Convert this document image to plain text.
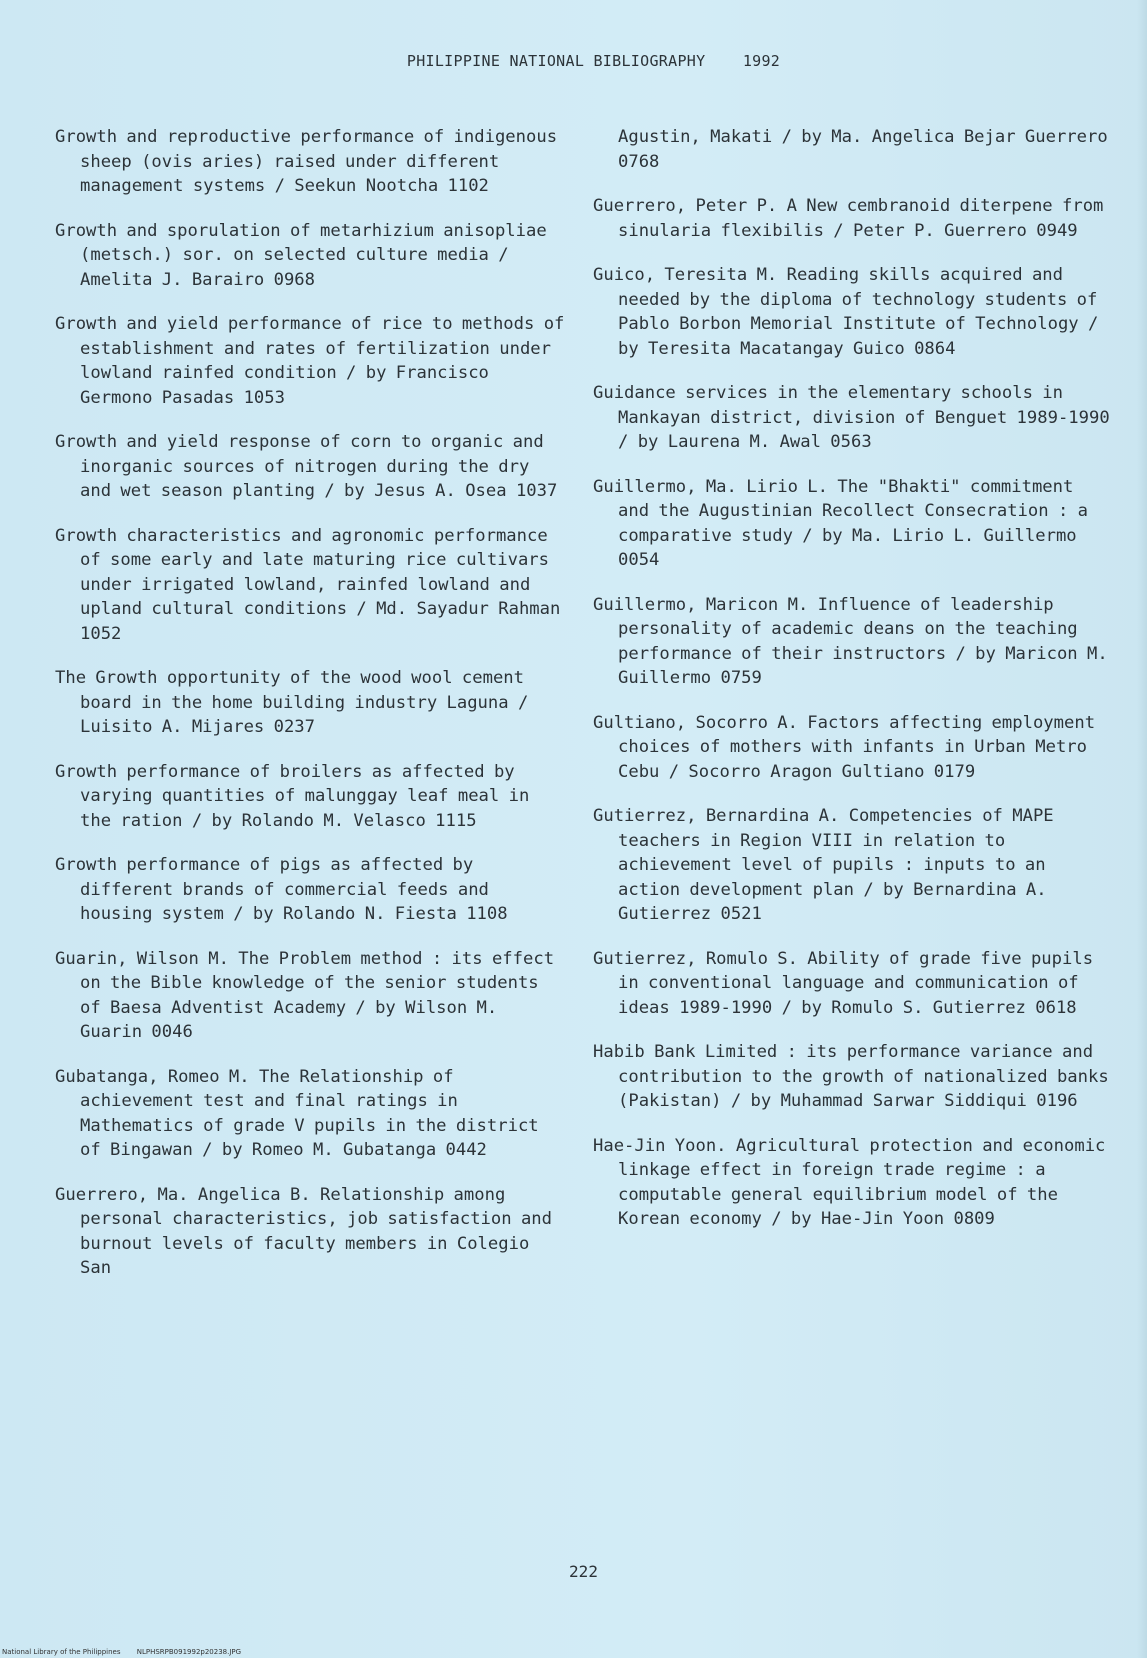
PHILIPPINE NATIONAL BIBLIOGRAPHY 1992

Growth and reproductive performance of indigenous sheep (ovis aries) raised under different management systems / Seekun Nootcha 1102

Growth and sporulation of metarhizium anisopliae (metsch.) sor. on selected culture media / Amelita J. Barairo 0968

Growth and yield performance of rice to methods of establishment and rates of fertilization under lowland rainfed condition / by Francisco Germono Pasadas 1053

Growth and yield response of corn to organic and inorganic sources of nitrogen during the dry and wet season planting / by Jesus A. Osea 1037

Growth characteristics and agronomic performance of some early and late maturing rice cultivars under irrigated lowland, rainfed lowland and upland cultural conditions / Md. Sayadur Rahman 1052

The Growth opportunity of the wood wool cement board in the home building industry Laguna / Luisito A. Mijares 0237

Growth performance of broilers as affected by varying quantities of malunggay leaf meal in the ration / by Rolando M. Velasco 1115

Growth performance of pigs as affected by different brands of commercial feeds and housing system / by Rolando N. Fiesta 1108

Guarin, Wilson M. The Problem method : its effect on the Bible knowledge of the senior students of Baesa Adventist Academy / by Wilson M. Guarin 0046

Gubatanga, Romeo M. The Relationship of achievement test and final ratings in Mathematics of grade V pupils in the district of Bingawan / by Romeo M. Gubatanga 0442

Guerrero, Ma. Angelica B. Relationship among personal characteristics, job satisfaction and burnout levels of faculty members in Colegio San

Agustin, Makati / by Ma. Angelica Bejar Guerrero 0768

Guerrero, Peter P. A New cembranoid diterpene from sinularia flexibilis / Peter P. Guerrero 0949

Guico, Teresita M. Reading skills acquired and needed by the diploma of technology students of Pablo Borbon Memorial Institute of Technology / by Teresita Macatangay Guico 0864

Guidance services in the elementary schools in Mankayan district, division of Benguet 1989-1990 / by Laurena M. Awal 0563

Guillermo, Ma. Lirio L. The "Bhakti" commitment and the Augustinian Recollect Consecration : a comparative study / by Ma. Lirio L. Guillermo 0054

Guillermo, Maricon M. Influence of leadership personality of academic deans on the teaching performance of their instructors / by Maricon M. Guillermo 0759

Gultiano, Socorro A. Factors affecting employment choices of mothers with infants in Urban Metro Cebu / Socorro Aragon Gultiano 0179

Gutierrez, Bernardina A. Competencies of MAPE teachers in Region VIII in relation to achievement level of pupils : inputs to an action development plan / by Bernardina A. Gutierrez 0521

Gutierrez, Romulo S. Ability of grade five pupils in conventional language and communication of ideas 1989-1990 / by Romulo S. Gutierrez 0618

Habib Bank Limited : its performance variance and contribution to the growth of nationalized banks (Pakistan) / by Muhammad Sarwar Siddiqui 0196

Hae-Jin Yoon. Agricultural protection and economic linkage effect in foreign trade regime : a computable general equilibrium model of the Korean economy / by Hae-Jin Yoon 0809

222
National Library of the Philippines NLPHSRPB091992p20238.JPG
